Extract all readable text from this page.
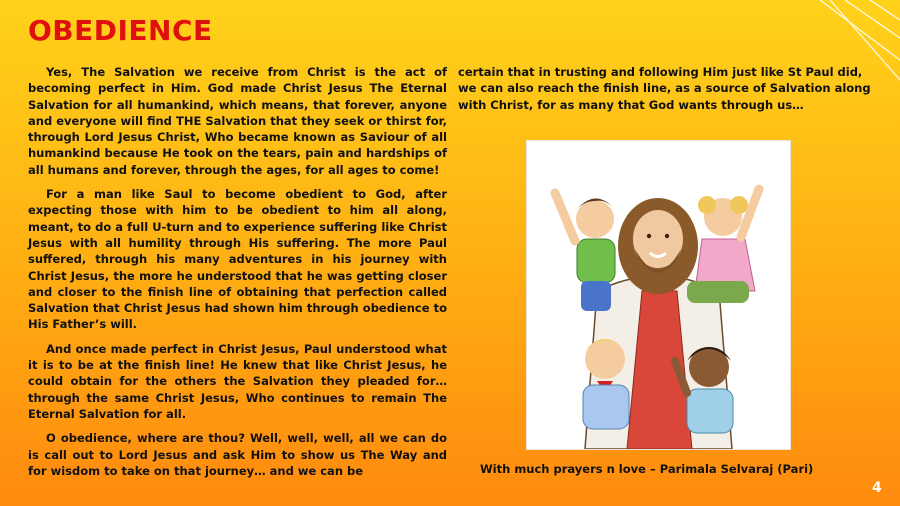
OBEDIENCE

Yes, The Salvation we receive from Christ is the act of becoming perfect in Him. God made Christ Jesus The Eternal Salvation for all humankind, which means, that forever, anyone and everyone will find THE Salvation that they seek or thirst for, through Lord Jesus Christ, Who became known as Saviour of all humankind because He took on the tears, pain and hardships of all humans and forever, through the ages, for all ages to come!

For a man like Saul to become obedient to God, after expecting those with him to be obedient to him all along, meant, to do a full U-turn and to experience suffering like Christ Jesus with all humility through His suffering. The more Paul suffered, through his many adventures in his journey with Christ Jesus, the more he understood that he was getting closer and closer to the finish line of obtaining that perfection called Salvation that Christ Jesus had shown him through obedience to His Father’s will.

And once made perfect in Christ Jesus, Paul understood what it is to be at the finish line! He knew that like Christ Jesus, he could obtain for the others the Salvation they pleaded for… through the same Christ Jesus, Who continues to remain The Eternal Salvation for all.

O obedience, where are thou? Well, well, well, all we can do is call out to Lord Jesus and ask Him to show us The Way and for wisdom to take on that journey… and we can be

certain that in trusting and following Him just like St Paul did, we can also reach the finish line, as a source of Salvation along with Christ, for as many that God wants through us…

With much prayers n love – Parimala Selvaraj (Pari)
4
